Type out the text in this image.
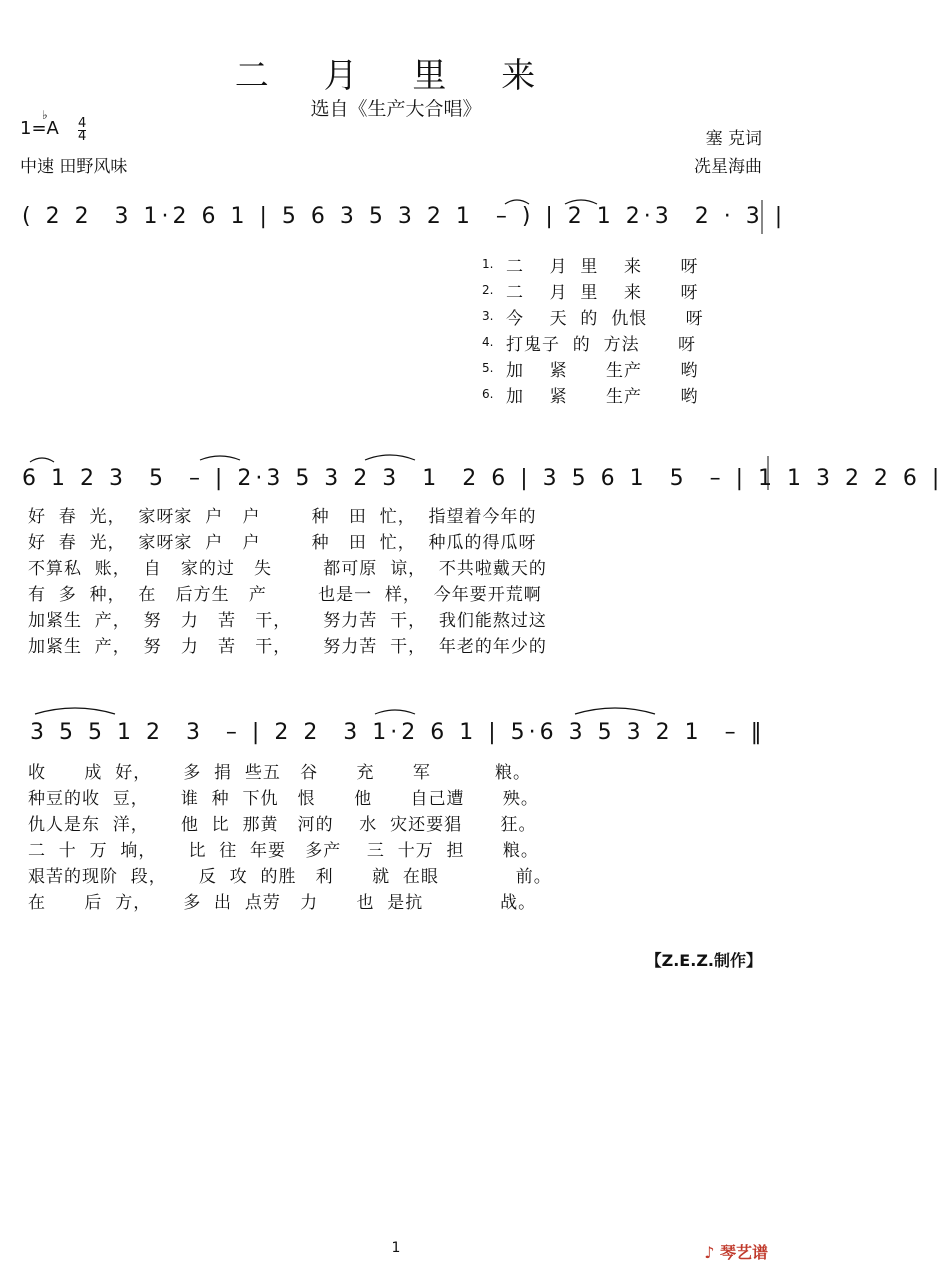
二 月 里 来
选自《生产大合唱》
1=A
♭
4
4
中速 田野风味
塞 克词
冼星海曲
( 2 2  3 1·2 6 1 | 5 6 3 5 3 2 1  – ) | 2 1 2·3  2 · 3 |
1. 二    月  里    来      呀
2. 二    月  里    来      呀
3. 今    天  的  仇恨      呀
4. 打鬼子  的  方法      呀
5. 加    紧      生产      哟
6. 加    紧      生产      哟
6 1 2 3  5  – | 2·3 5 3 2 3  1  2 6 | 3 5 6 1  5  – | 1 1 3 2 2 6 |
好  春  光，  家呀家  户   户        种   田  忙，  指望着今年的
好  春  光，  家呀家  户   户        种   田  忙，  种瓜的得瓜呀
不算私  账，  自   家的过   失        都可原  谅，  不共啦戴天的
有  多  种，  在   后方生   产        也是一  样，  今年要开荒啊
加紧生  产，  努   力   苦   干，     努力苦  干，  我们能熬过这
加紧生  产，  努   力   苦   干，     努力苦  干，  年老的年少的
3 5 5 1 2  3  – | 2 2  3 1·2 6 1 | 5·6 3 5 3 2 1  – ‖
收      成  好，     多  捐  些五   谷      充      军          粮。
种豆的收  豆，     谁  种  下仇   恨      他      自己遭      殃。
仇人是东  洋，     他  比  那黄   河的    水  灾还要猖      狂。
二  十  万  垧，     比  往  年要   多产    三  十万  担      粮。
艰苦的现阶  段，     反  攻  的胜   利      就  在眼            前。
在      后  方，     多  出  点劳   力      也  是抗            战。
【Z.E.Z.制作】
1	♪ 琴艺谱
